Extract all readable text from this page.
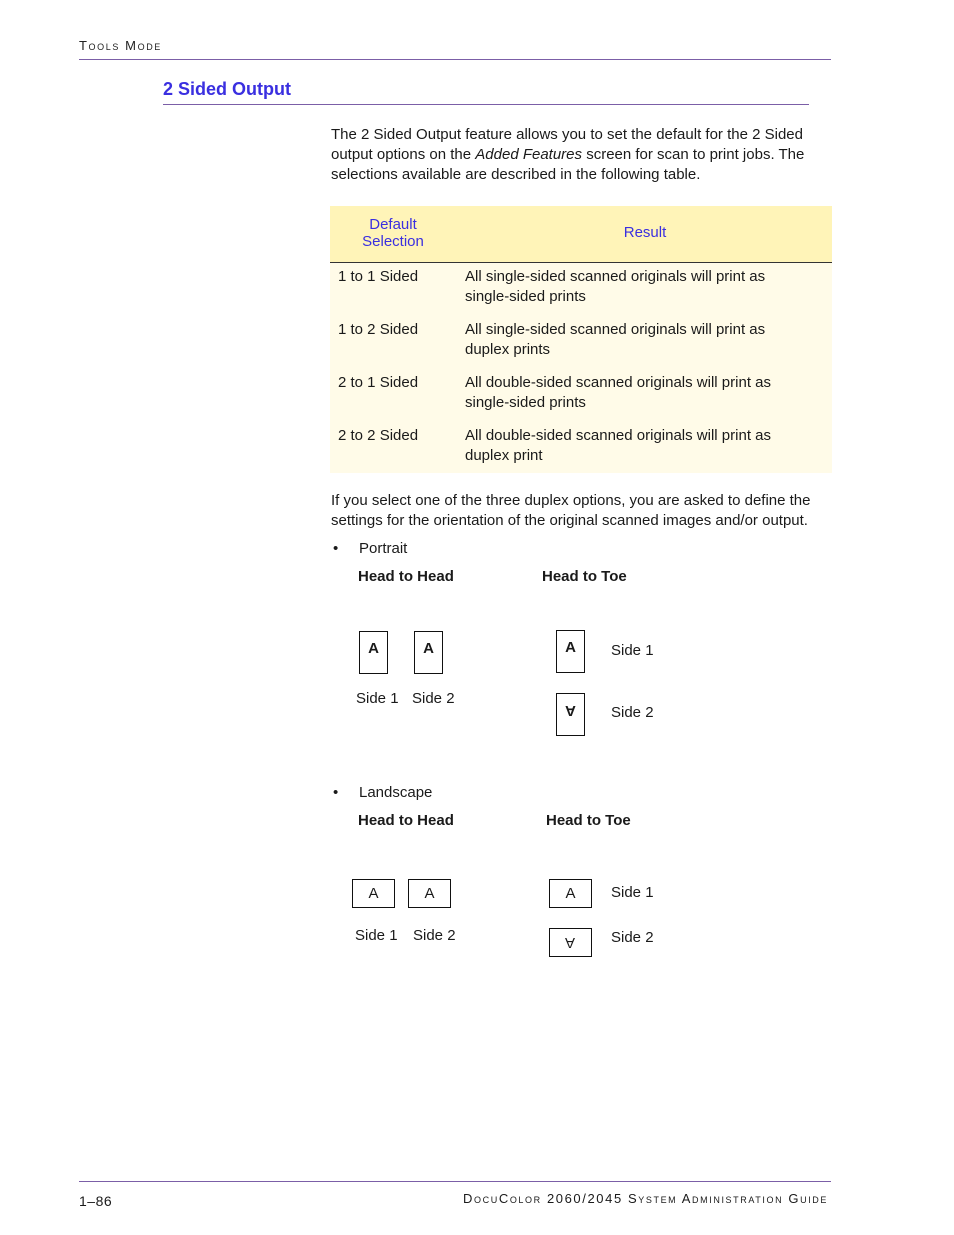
Tools Mode
2 Sided Output
The 2 Sided Output feature allows you to set the default for the 2 Sided output options on the Added Features screen for scan to print jobs. The selections available are described in the following table.
Default Selection
Result
1 to 1 Sided	All single-sided scanned originals will print as single-sided prints
1 to 2 Sided	All single-sided scanned originals will print as duplex prints
2 to 1 Sided	All double-sided scanned originals will print as single-sided prints
2 to 2 Sided	All double-sided scanned originals will print as duplex print
If you select one of the three duplex options, you are asked to define the settings for the orientation of the original scanned images and/or output.
• Portrait
Head to Head	Head to Toe
A	A
Side 1 Side 2
A
A
Side 1
Side 2
• Landscape
Head to Head	Head to Toe
A	A
Side 1 Side 2
A
A
Side 1
Side 2
1–86	DocuColor 2060/2045 System Administration Guide
